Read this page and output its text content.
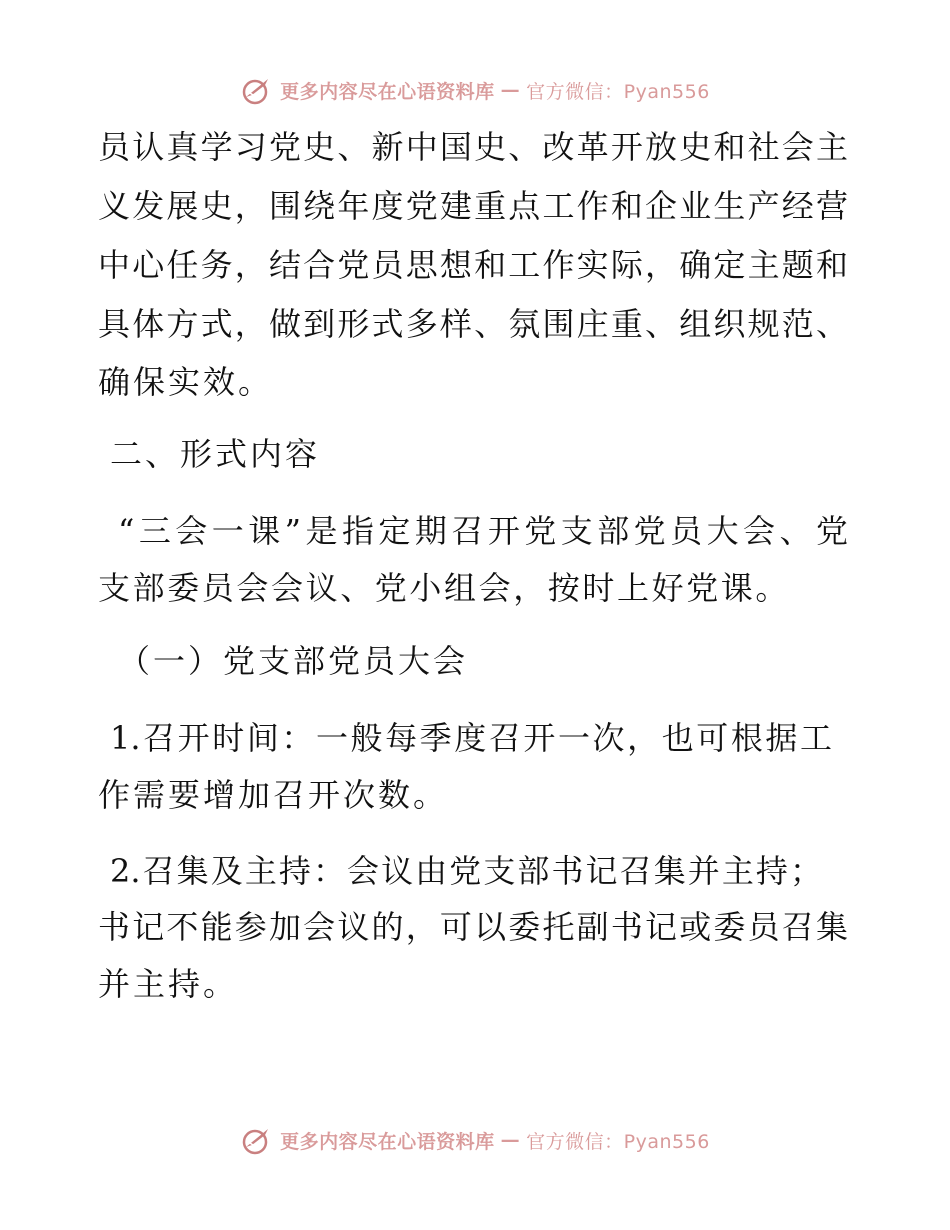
更多内容尽在心语资料库 — 官方微信：Pyan556
员认真学习党史、新中国史、改革开放史和社会主
义发展史，围绕年度党建重点工作和企业生产经营
中心任务，结合党员思想和工作实际，确定主题和
具体方式，做到形式多样、氛围庄重、组织规范、
确保实效。
二、形式内容
“三会一课”是指定期召开党支部党员大会、党
支部委员会会议、党小组会，按时上好党课。
（一）党支部党员大会
1.召开时间：一般每季度召开一次，也可根据工
作需要增加召开次数。
2.召集及主持：会议由党支部书记召集并主持；
书记不能参加会议的，可以委托副书记或委员召集
并主持。
更多内容尽在心语资料库 — 官方微信：Pyan556
